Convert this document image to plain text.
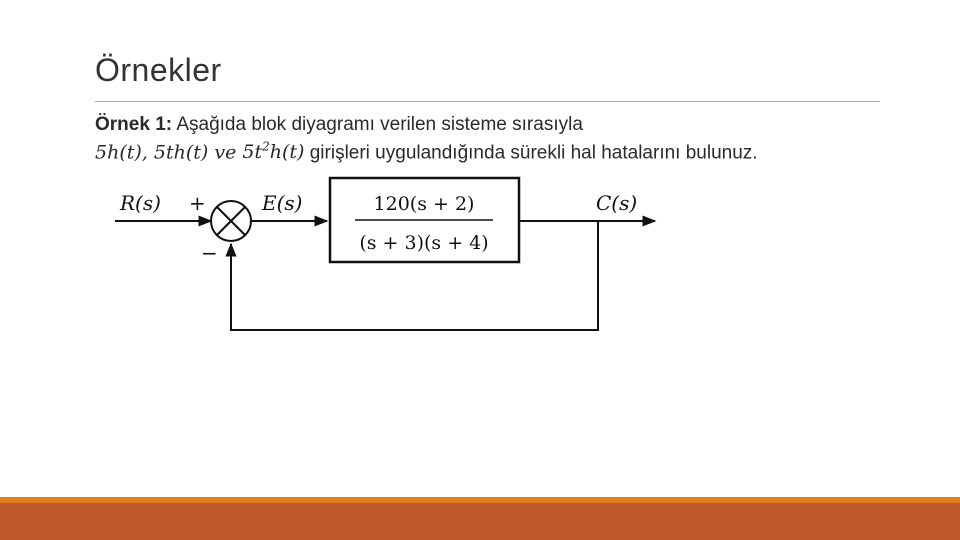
Örnekler
Örnek 1: Aşağıda blok diyagramı verilen sisteme sırasıyla
5h(t), 5th(t) ve $5t^2h(t)$ girişleri uygulandığında sürekli hal hatalarını bulunuz.
R(s) +
−
E(s)	120(s + 2)
(s + 3)(s + 4)
C(s)
